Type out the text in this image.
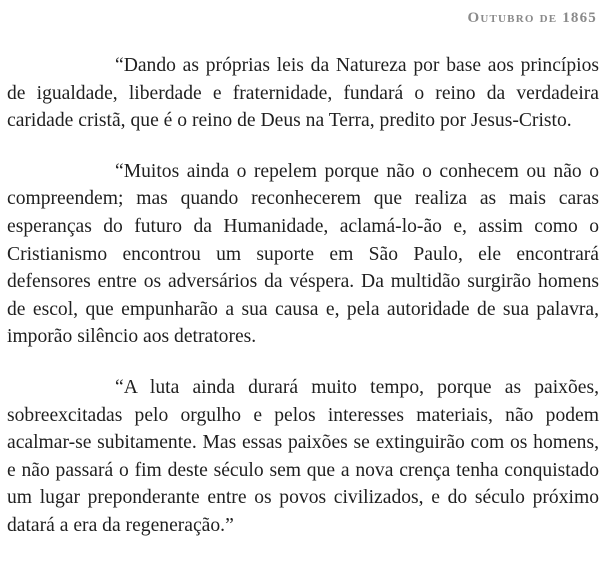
Outubro de 1865

“Dando as próprias leis da Natureza por base aos princípios de igualdade, liberdade e fraternidade, fundará o reino da verdadeira caridade cristã, que é o reino de Deus na Terra, predito por Jesus-Cristo.

“Muitos ainda o repelem porque não o conhecem ou não o compreendem; mas quando reconhecerem que realiza as mais caras esperanças do futuro da Humanidade, aclamá-lo-ão e, assim como o Cristianismo encontrou um suporte em São Paulo, ele encontrará defensores entre os adversários da véspera. Da multidão surgirão homens de escol, que empunharão a sua causa e, pela autoridade de sua palavra, imporão silêncio aos detratores.

“A luta ainda durará muito tempo, porque as paixões, sobreexcitadas pelo orgulho e pelos interesses materiais, não podem acalmar-se subitamente. Mas essas paixões se extinguirão com os homens, e não passará o fim deste século sem que a nova crença tenha conquistado um lugar preponderante entre os povos civilizados, e do século próximo datará a era da regeneração.”
